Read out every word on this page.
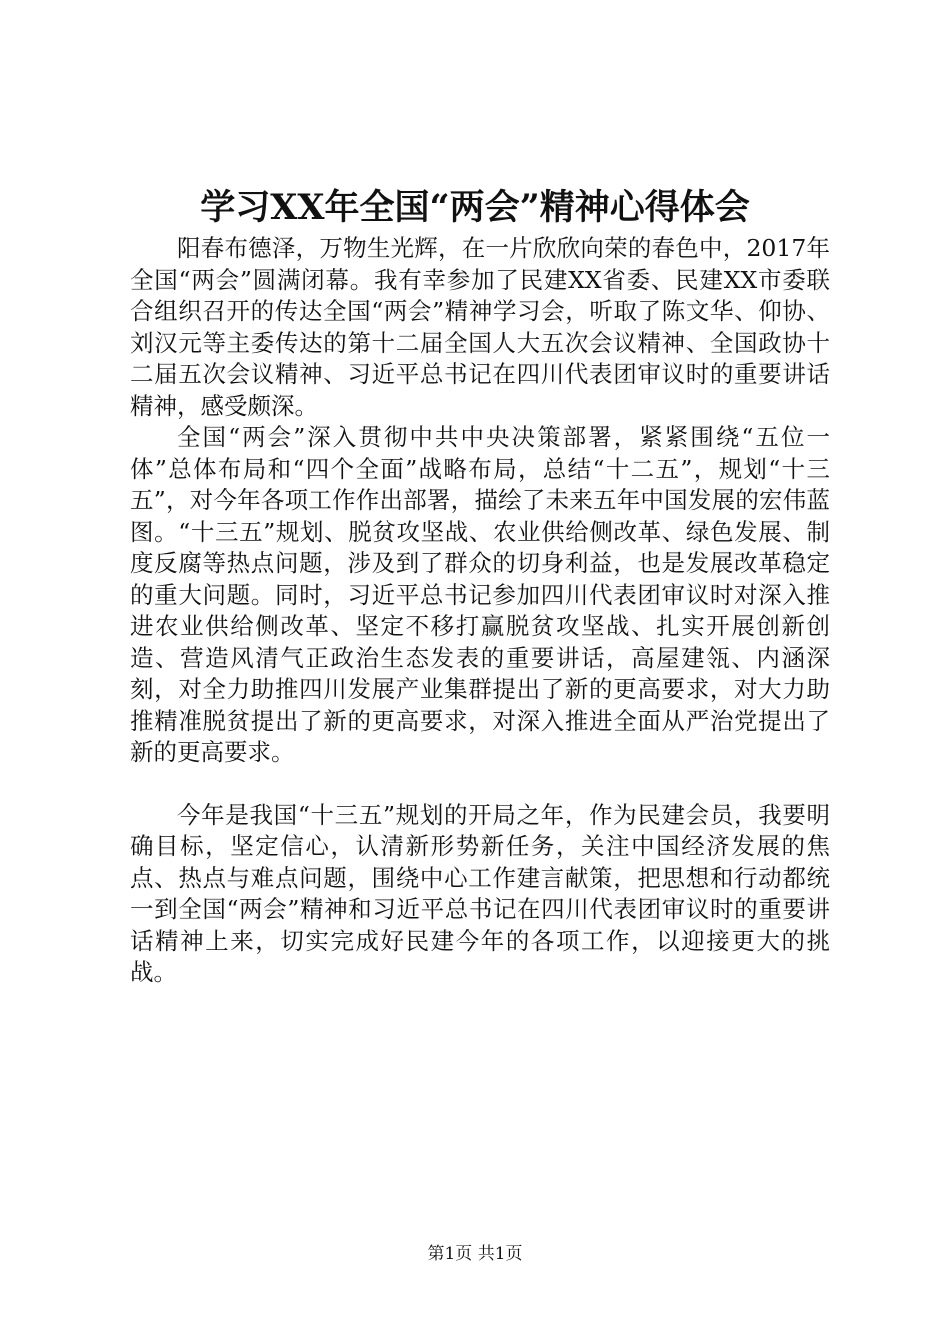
学习XX年全国“两会”精神心得体会

阳春布德泽，万物生光辉，在一片欣欣向荣的春色中，2017年全国“两会”圆满闭幕。我有幸参加了民建XX省委、民建XX市委联合组织召开的传达全国“两会”精神学习会，听取了陈文华、仰协、刘汉元等主委传达的第十二届全国人大五次会议精神、全国政协十二届五次会议精神、习近平总书记在四川代表团审议时的重要讲话精神，感受颇深。

全国“两会”深入贯彻中共中央决策部署，紧紧围绕“五位一体”总体布局和“四个全面”战略布局，总结“十二五”，规划“十三五”，对今年各项工作作出部署，描绘了未来五年中国发展的宏伟蓝图。“十三五”规划、脱贫攻坚战、农业供给侧改革、绿色发展、制度反腐等热点问题，涉及到了群众的切身利益，也是发展改革稳定的重大问题。同时，习近平总书记参加四川代表团审议时对深入推进农业供给侧改革、坚定不移打赢脱贫攻坚战、扎实开展创新创造、营造风清气正政治生态发表的重要讲话，高屋建瓴、内涵深刻，对全力助推四川发展产业集群提出了新的更高要求，对大力助推精准脱贫提出了新的更高要求，对深入推进全面从严治党提出了新的更高要求。

今年是我国“十三五”规划的开局之年，作为民建会员，我要明确目标，坚定信心，认清新形势新任务，关注中国经济发展的焦点、热点与难点问题，围绕中心工作建言献策，把思想和行动都统一到全国“两会”精神和习近平总书记在四川代表团审议时的重要讲话精神上来，切实完成好民建今年的各项工作，以迎接更大的挑战。

第1页 共1页
